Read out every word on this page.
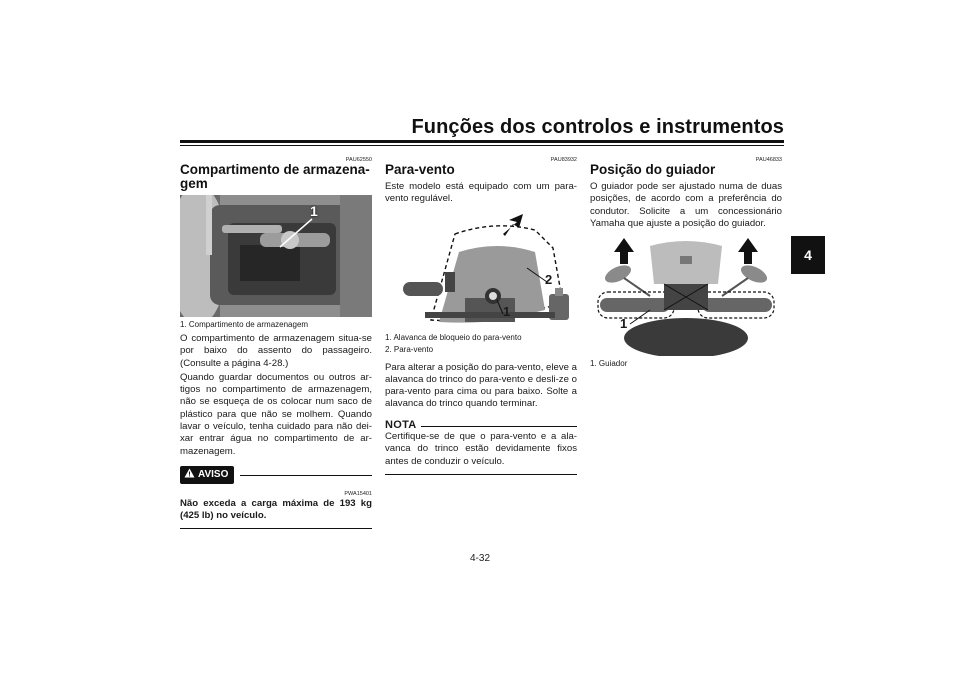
Funções dos controlos e instrumentos
4
PAU62550
Compartimento de armazena-gem
1
1. Compartimento de armazenagem

O compartimento de armazenagem situa-se por baixo do assento do passageiro. (Consulte a página 4-28.)

Quando guardar documentos ou outros ar-tigos no compartimento de armazenagem, não se esqueça de os colocar num saco de plástico para que não se molhem. Quando lavar o veículo, tenha cuidado para não dei-xar entrar água no compartimento de ar-mazenagem.

AVISO
PWA15401
Não exceda a carga máxima de 193 kg (425 lb) no veículo.
PAU83932
Para-vento

Este modelo está equipado com um para-vento regulável.

1
2
1. Alavanca de bloqueio do para-vento
2. Para-vento

Para alterar a posição do para-vento, eleve a alavanca do trinco do para-vento e desli-ze o para-vento para cima ou para baixo. Solte a alavanca do trinco quando terminar.

NOTA

Certifique-se de que o para-vento e a ala-vanca do trinco estão devidamente fixos antes de conduzir o veículo.

PAU46833
Posição do guiador

O guiador pode ser ajustado numa de duas posições, de acordo com a preferência do condutor. Solicite a um concessionário Yamaha que ajuste a posição do guiador.

1
1. Guiador
4-32
